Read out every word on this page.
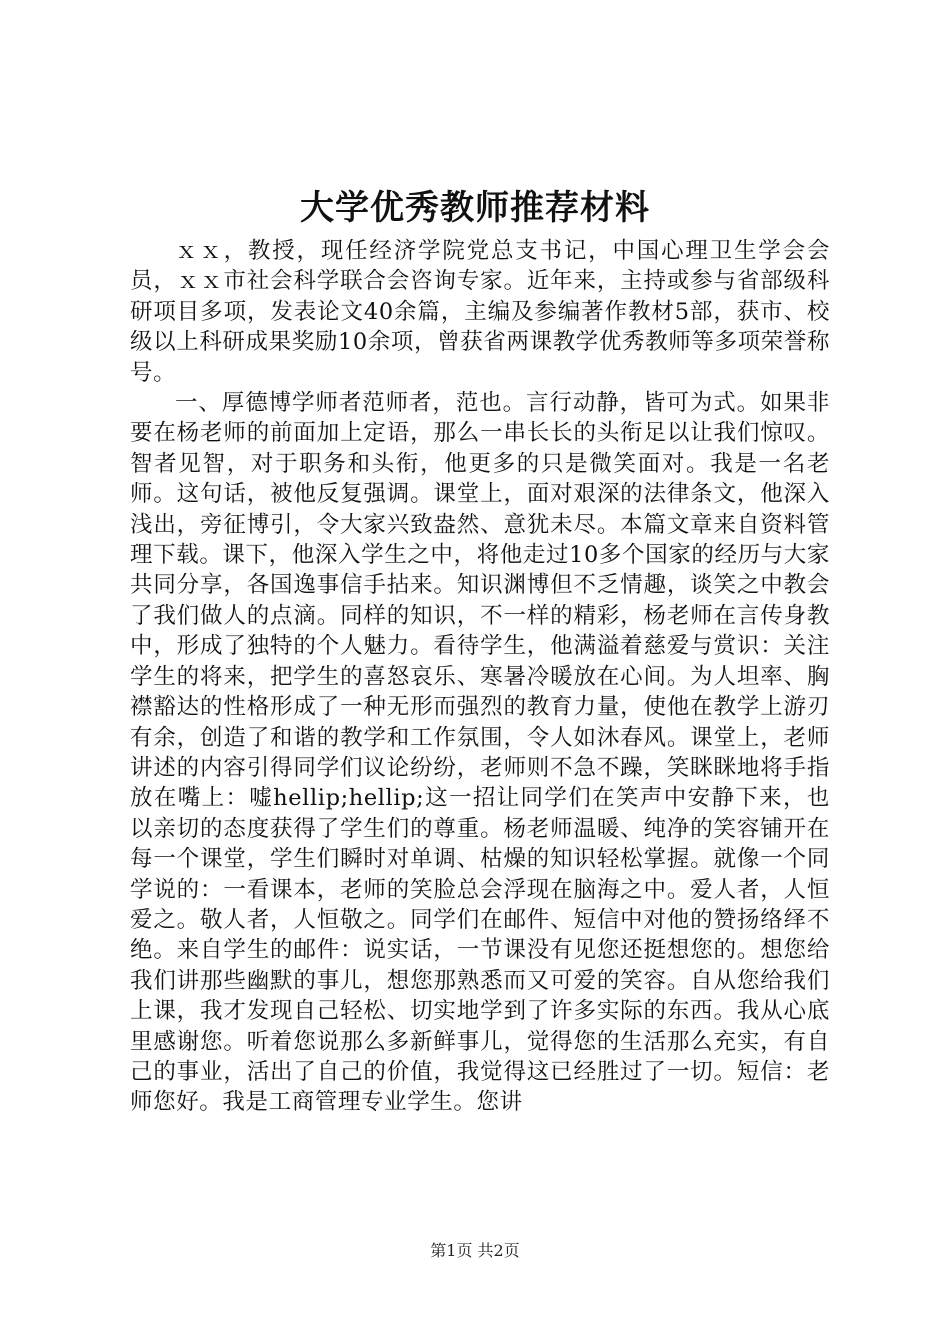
大学优秀教师推荐材料

ｘｘ，教授，现任经济学院党总支书记，中国心理卫生学会会员，ｘｘ市社会科学联合会咨询专家。近年来，主持或参与省部级科研项目多项，发表论文40余篇，主编及参编著作教材5部，获市、校级以上科研成果奖励10余项，曾获省两课教学优秀教师等多项荣誉称号。

一、厚德博学师者范师者，范也。言行动静，皆可为式。如果非要在杨老师的前面加上定语，那么一串长长的头衔足以让我们惊叹。智者见智，对于职务和头衔，他更多的只是微笑面对。我是一名老师。这句话，被他反复强调。课堂上，面对艰深的法律条文，他深入浅出，旁征博引，令大家兴致盎然、意犹未尽。本篇文章来自资料管理下载。课下，他深入学生之中，将他走过10多个国家的经历与大家共同分享，各国逸事信手拈来。知识渊博但不乏情趣，谈笑之中教会了我们做人的点滴。同样的知识，不一样的精彩，杨老师在言传身教中，形成了独特的个人魅力。看待学生，他满溢着慈爱与赏识：关注学生的将来，把学生的喜怒哀乐、寒暑冷暖放在心间。为人坦率、胸襟豁达的性格形成了一种无形而强烈的教育力量，使他在教学上游刃有余，创造了和谐的教学和工作氛围，令人如沐春风。课堂上，老师讲述的内容引得同学们议论纷纷，老师则不急不躁，笑眯眯地将手指放在嘴上：嘘hellip;hellip;这一招让同学们在笑声中安静下来，也以亲切的态度获得了学生们的尊重。杨老师温暖、纯净的笑容铺开在每一个课堂，学生们瞬时对单调、枯燥的知识轻松掌握。就像一个同学说的：一看课本，老师的笑脸总会浮现在脑海之中。爱人者，人恒爱之。敬人者，人恒敬之。同学们在邮件、短信中对他的赞扬络绎不绝。来自学生的邮件：说实话，一节课没有见您还挺想您的。想您给我们讲那些幽默的事儿，想您那熟悉而又可爱的笑容。自从您给我们上课，我才发现自己轻松、切实地学到了许多实际的东西。我从心底里感谢您。听着您说那么多新鲜事儿，觉得您的生活那么充实，有自己的事业，活出了自己的价值，我觉得这已经胜过了一切。短信：老师您好。我是工商管理专业学生。您讲

第1页 共2页
